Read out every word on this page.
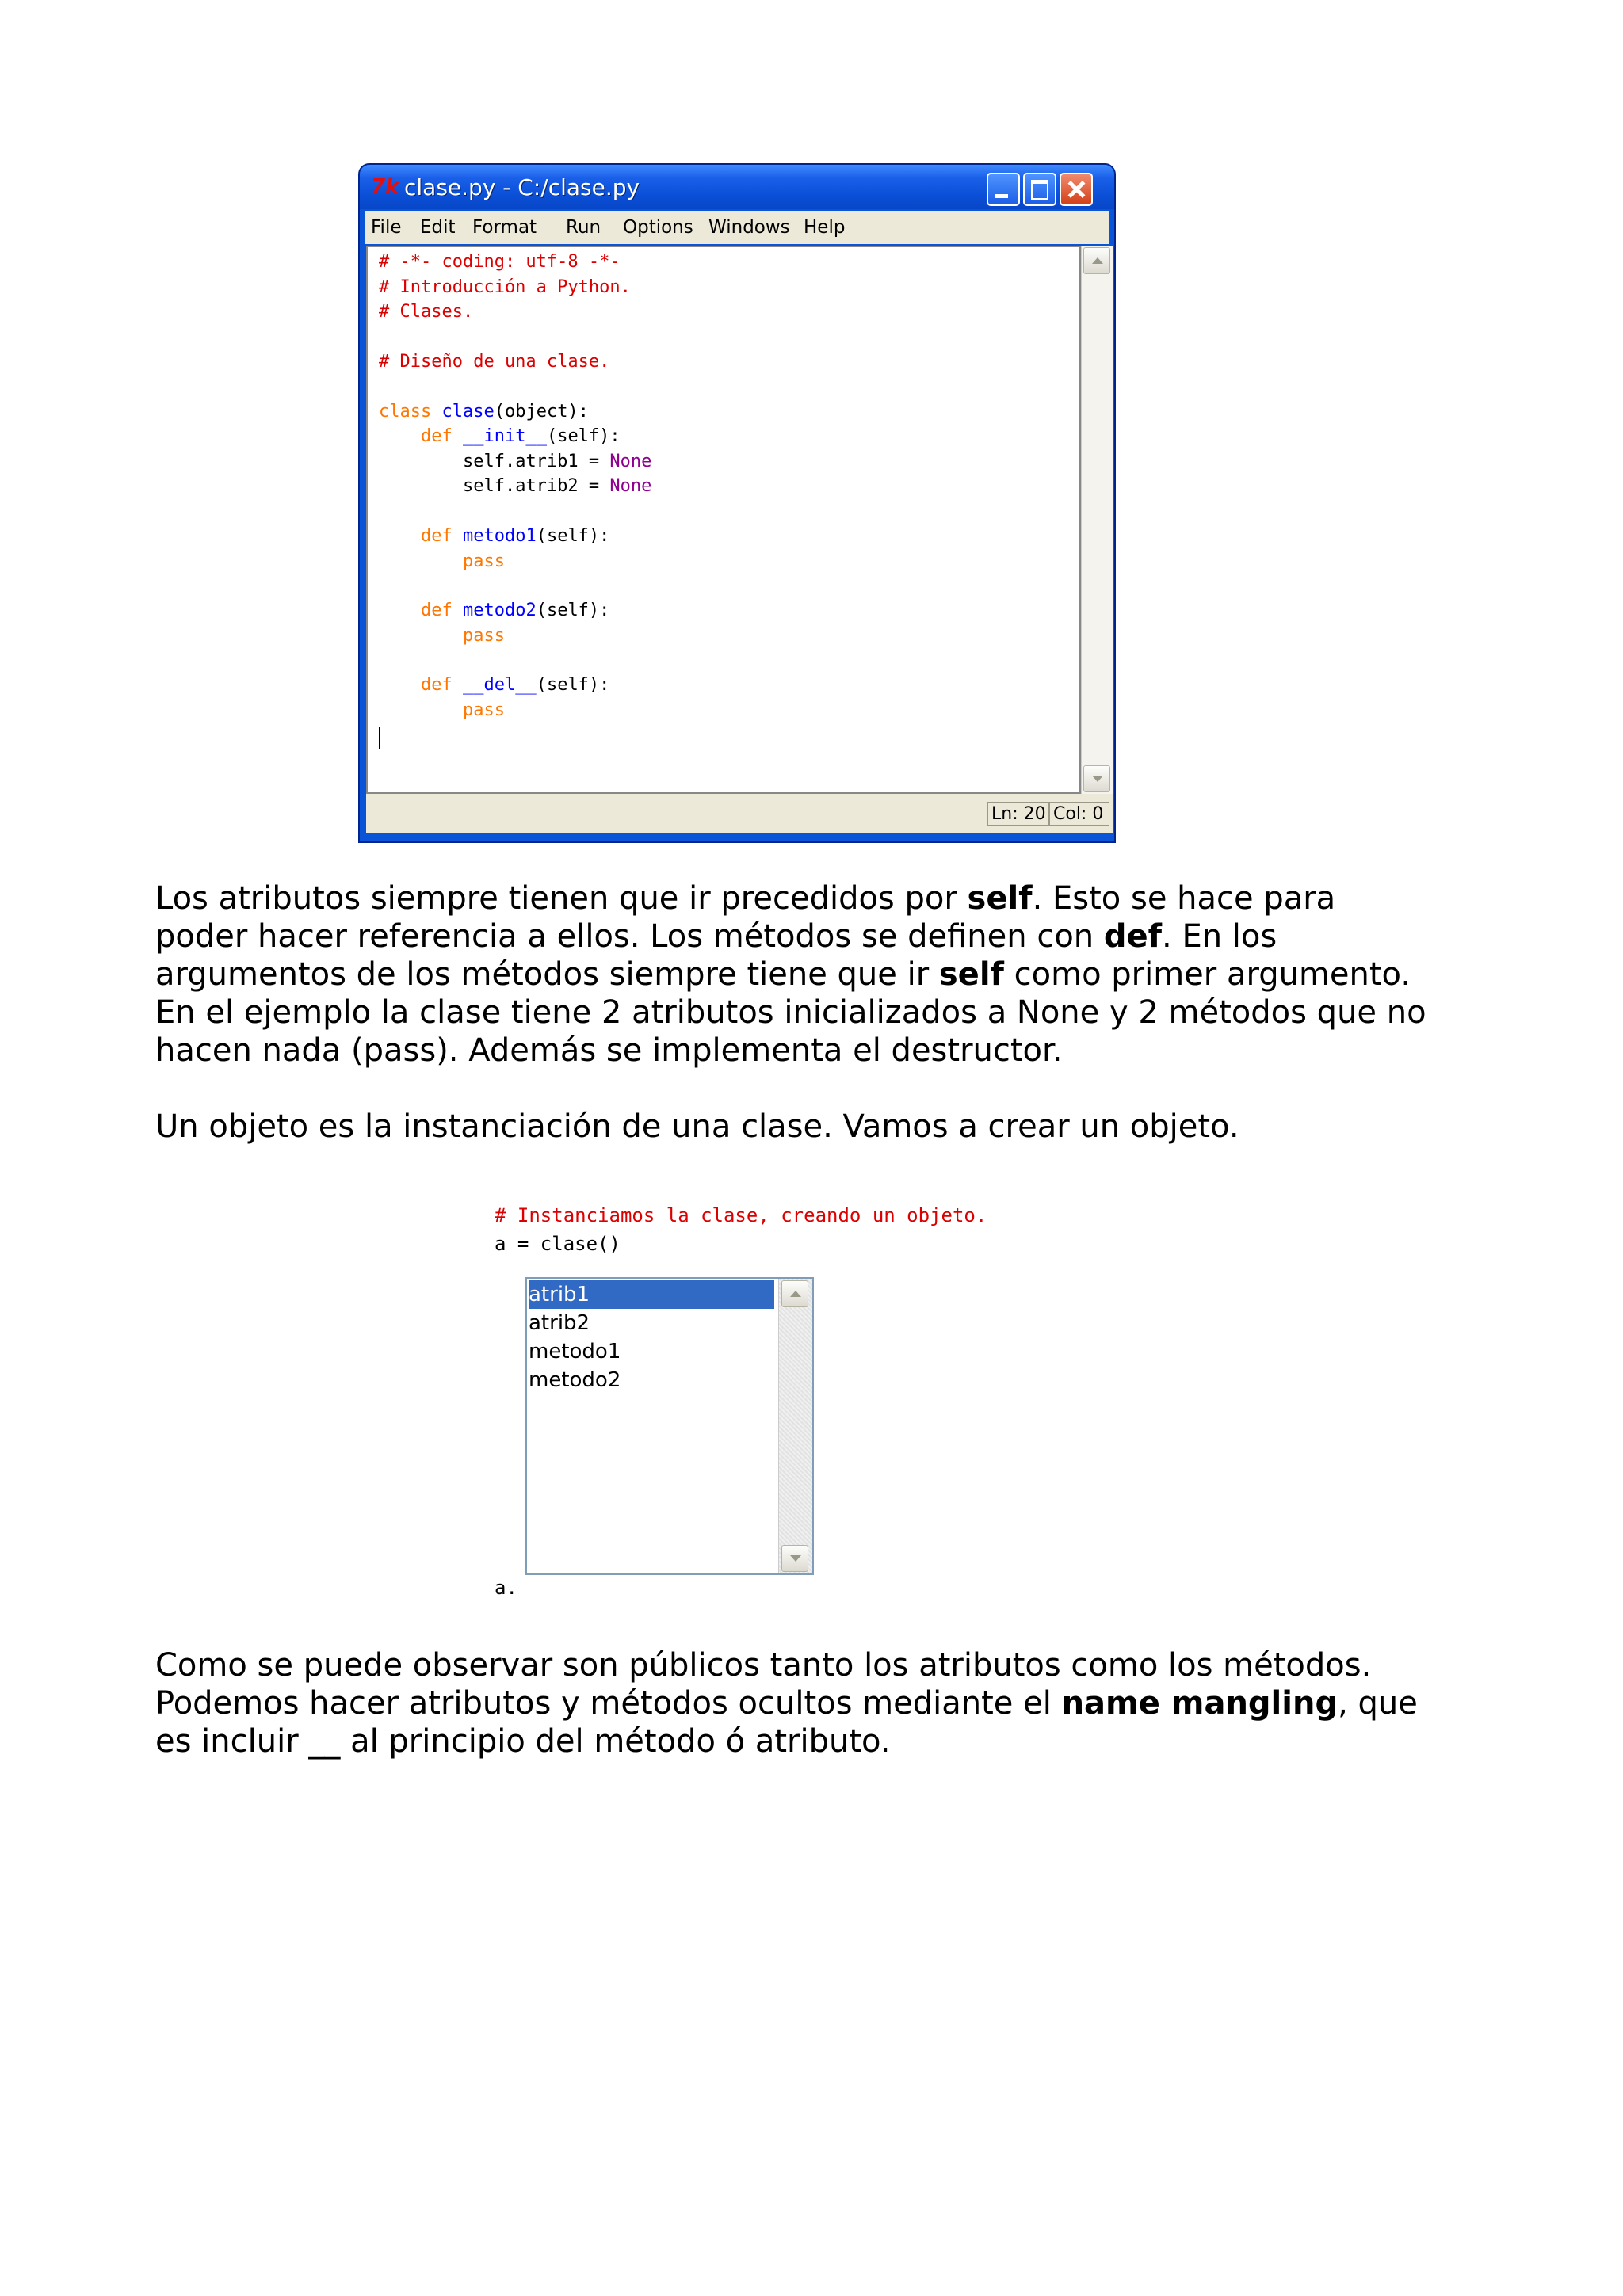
7k clase.py - C:/clase.py
File Edit Format Run Options Windows Help
# -*- coding: utf-8 -*-
# Introducción a Python.
# Clases.
# Diseño de una clase.
class clase(object):
def __init__(self):
self.atrib1 = None
self.atrib2 = None
def metodo1(self):
pass
def metodo2(self):
pass
def __del__(self):
pass
Ln: 20 Col: 0
Los atributos siempre tienen que ir precedidos por self. Esto se hace para
poder hacer referencia a ellos. Los métodos se definen con def. En los
argumentos de los métodos siempre tiene que ir self como primer argumento.
En el ejemplo la clase tiene 2 atributos inicializados a None y 2 métodos que no
hacen nada (pass). Además se implementa el destructor.
Un objeto es la instanciación de una clase. Vamos a crear un objeto.
# Instanciamos la clase, creando un objeto.
a = clase()
atrib1
atrib2
metodo1
metodo2
a.
Como se puede observar son públicos tanto los atributos como los métodos.
Podemos hacer atributos y métodos ocultos mediante el name mangling, que
es incluir __ al principio del método ó atributo.
